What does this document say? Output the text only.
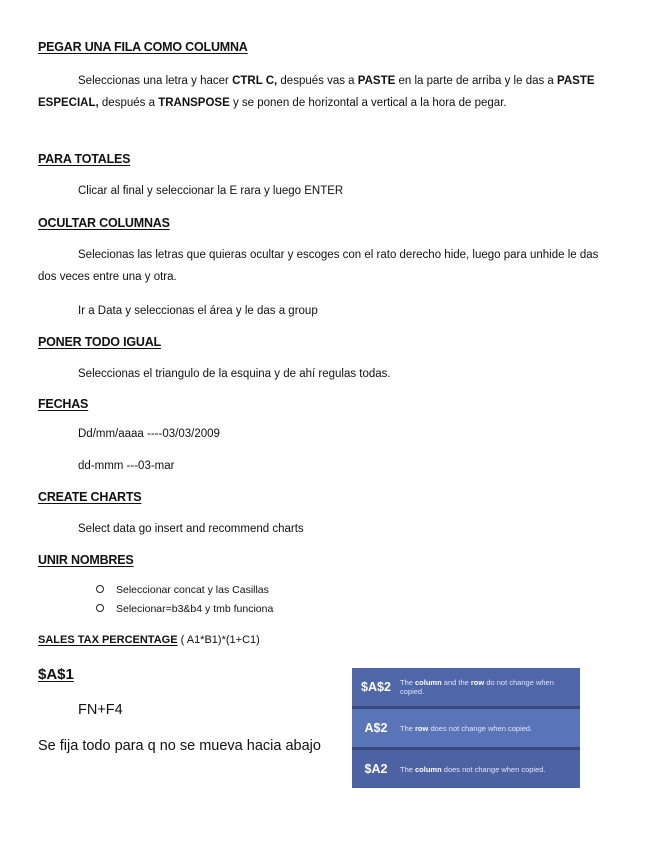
PEGAR UNA FILA COMO COLUMNA
Seleccionas una letra y hacer CTRL C, después vas a PASTE en la parte de arriba y le das a PASTE ESPECIAL, después a TRANSPOSE y se ponen de horizontal a vertical a la hora de pegar.
PARA TOTALES
Clicar al final y seleccionar la E rara y luego ENTER
OCULTAR COLUMNAS
Selecionas las letras que quieras ocultar y escoges con el rato derecho hide, luego para unhide le das dos veces entre una y otra.
Ir a Data y seleccionas el área y le das a group
PONER TODO IGUAL
Seleccionas el triangulo de la esquina y de ahí regulas todas.
FECHAS
Dd/mm/aaaa ----03/03/2009
dd-mmm ---03-mar
CREATE CHARTS
Select data go insert and recommend charts
UNIR NOMBRES
Seleccionar concat y las Casillas
Selecionar=b3&b4 y tmb funciona
SALES TAX PERCENTAGE ( A1*B1)*(1+C1)
$A$1
FN+F4
Se fija todo para q no se mueva hacia abajo
$A$2	The column and the row do not change when copied.
A$2	The row does not change when copied.
$A2	The column does not change when copied.
